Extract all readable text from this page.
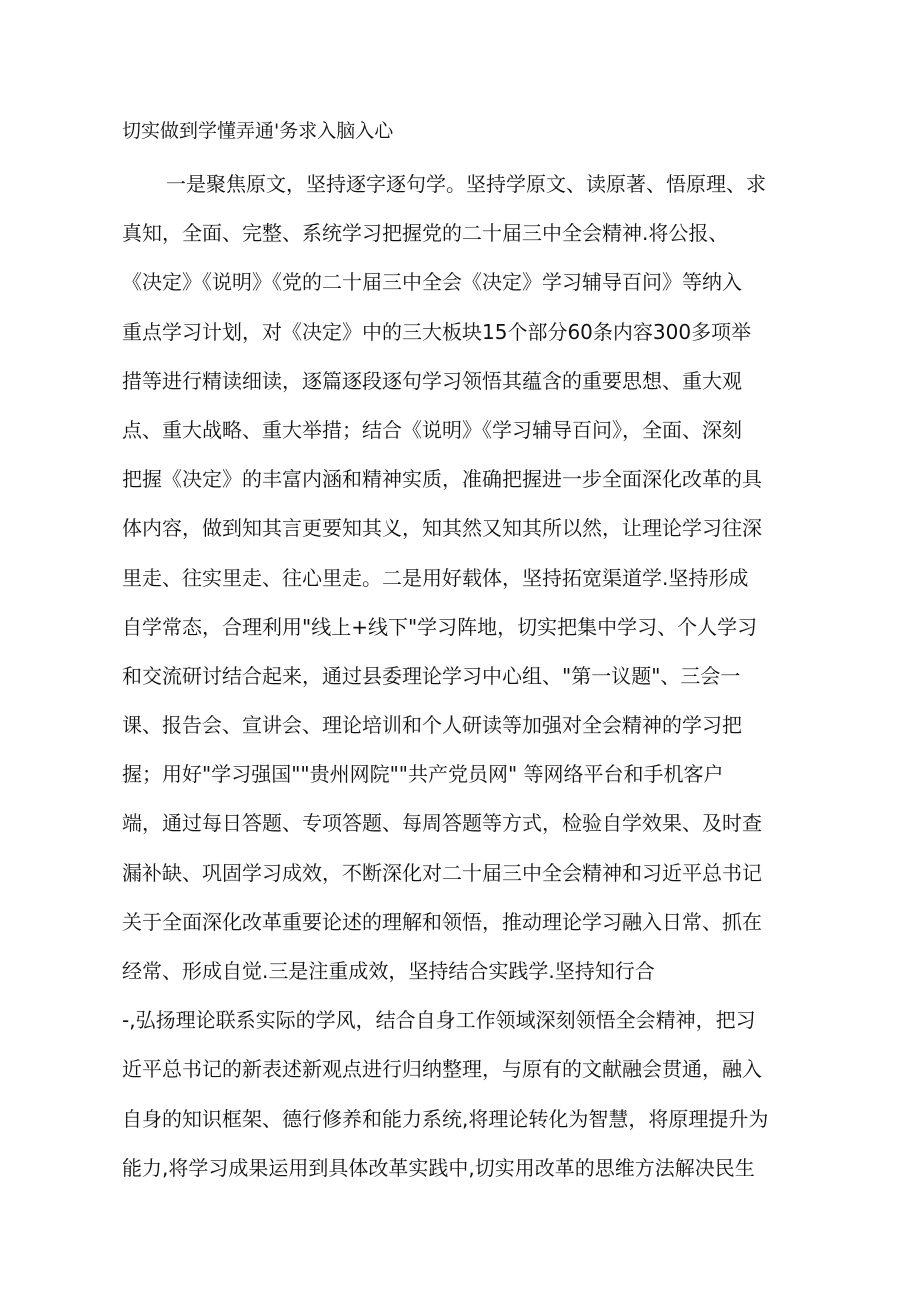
切实做到学懂弄通'务求入脑入心
一是聚焦原文，坚持逐字逐句学。坚持学原文、读原著、悟原理、求
真知，全面、完整、系统学习把握党的二十届三中全会精神.将公报、
《决定》《说明》《党的二十届三中全会《决定》学习辅导百问》等纳入
重点学习计划，对《决定》中的三大板块15个部分60条内容300多项举
措等进行精读细读，逐篇逐段逐句学习领悟其蕴含的重要思想、重大观
点、重大战略、重大举措；结合《说明》《学习辅导百问》，全面、深刻
把握《决定》的丰富内涵和精神实质，准确把握进一步全面深化改革的具
体内容，做到知其言更要知其义，知其然又知其所以然，让理论学习往深
里走、往实里走、往心里走。二是用好载体，坚持拓宽渠道学.坚持形成
自学常态，合理利用"线上+线下"学习阵地，切实把集中学习、个人学习
和交流研讨结合起来，通过县委理论学习中心组、"第一议题"、三会一
课、报告会、宣讲会、理论培训和个人研读等加强对全会精神的学习把
握；用好"学习强国""贵州网院""共产党员网" 等网络平台和手机客户
端，通过每日答题、专项答题、每周答题等方式，检验自学效果、及时查
漏补缺、巩固学习成效，不断深化对二十届三中全会精神和习近平总书记
关于全面深化改革重要论述的理解和领悟，推动理论学习融入日常、抓在
经常、形成自觉.三是注重成效，坚持结合实践学.坚持知行合
-,弘扬理论联系实际的学风，结合自身工作领域深刻领悟全会精神，把习
近平总书记的新表述新观点进行归纳整理，与原有的文献融会贯通，融入
自身的知识框架、德行修养和能力系统,将理论转化为智慧，将原理提升为
能力,将学习成果运用到具体改革实践中,切实用改革的思维方法解决民生
